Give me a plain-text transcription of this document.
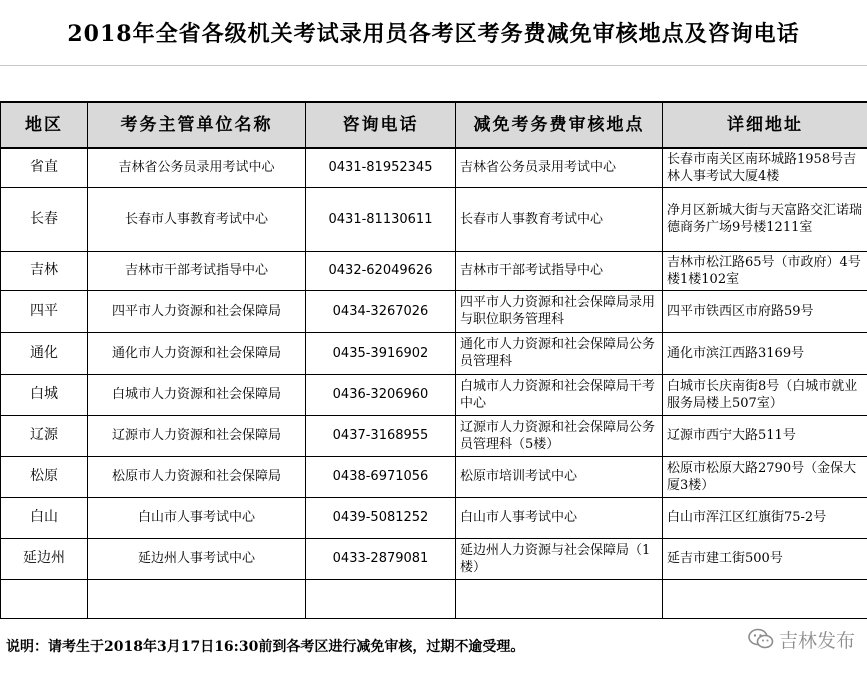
2018年全省各级机关考试录用员各考区考务费减免审核地点及咨询电话
地区	考务主管单位名称	咨询电话	减免考务费审核地点	详细地址
省直	吉林省公务员录用考试中心	0431-81952345	吉林省公务员录用考试中心	长春市南关区南环城路1958号吉林人事考试大厦4楼
长春	长春市人事教育考试中心	0431-81130611	长春市人事教育考试中心	净月区新城大街与天富路交汇诺瑞德商务广场9号楼1211室
吉林	吉林市干部考试指导中心	0432-62049626	吉林市干部考试指导中心	吉林市松江路65号（市政府）4号楼1楼102室
四平	四平市人力资源和社会保障局	0434-3267026	四平市人力资源和社会保障局录用与职位职务管理科	四平市铁西区市府路59号
通化	通化市人力资源和社会保障局	0435-3916902	通化市人力资源和社会保障局公务员管理科	通化市滨江西路3169号
白城	白城市人力资源和社会保障局	0436-3206960	白城市人力资源和社会保障局干考中心	白城市长庆南街8号（白城市就业服务局楼上507室）
辽源	辽源市人力资源和社会保障局	0437-3168955	辽源市人力资源和社会保障局公务员管理科（5楼）	辽源市西宁大路511号
松原	松原市人力资源和社会保障局	0438-6971056	松原市培训考试中心	松原市松原大路2790号（金保大厦3楼）
白山	白山市人事考试中心	0439-5081252	白山市人事考试中心	白山市浑江区红旗街75-2号
延边州	延边州人事考试中心	0433-2879081	延边州人力资源与社会保障局（1楼）	延吉市建工街500号

说明：请考生于2018年3月17日16:30前到各考区进行减免审核，过期不逾受理。	吉林发布
